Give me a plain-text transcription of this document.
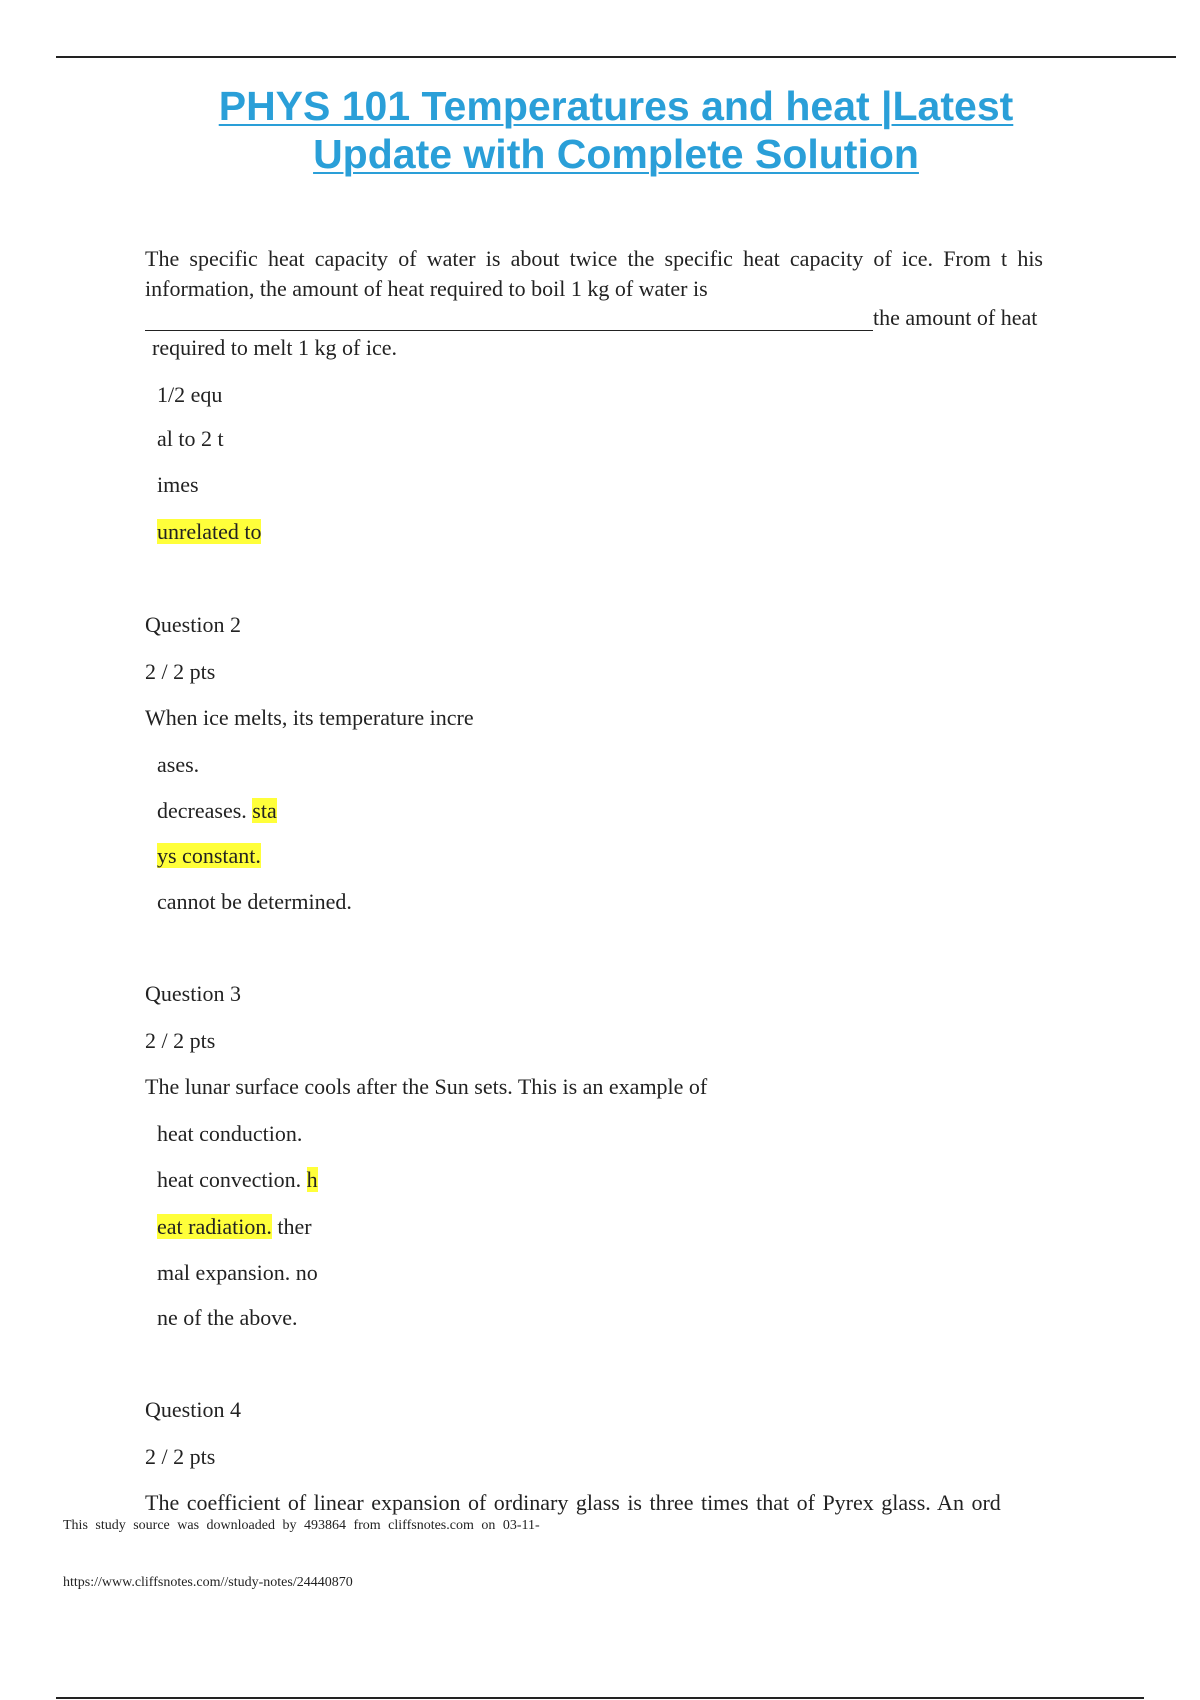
PHYS 101 Temperatures and heat |Latest
Update with Complete Solution
The specific heat capacity of water is about twice the specific heat capacity of ice. From t his information, the amount of heat required to boil 1 kg of water is
the amount of heat
required to melt 1 kg of ice.
1/2 equ
al to 2 t
imes
unrelated to
Question 2
2 / 2 pts
When ice melts, its temperature incre
ases.
decreases. sta
ys constant.
cannot be determined.
Question 3
2 / 2 pts
The lunar surface cools after the Sun sets. This is an example of
heat conduction.
heat convection. h
eat radiation. ther
mal expansion. no
ne of the above.
Question 4
2 / 2 pts
The coefficient of linear expansion of ordinary glass is three times that of Pyrex glass. An ord
This study source was downloaded by 493864 from cliffsnotes.com on 03-11-
https://www.cliffsnotes.com//study-notes/24440870
